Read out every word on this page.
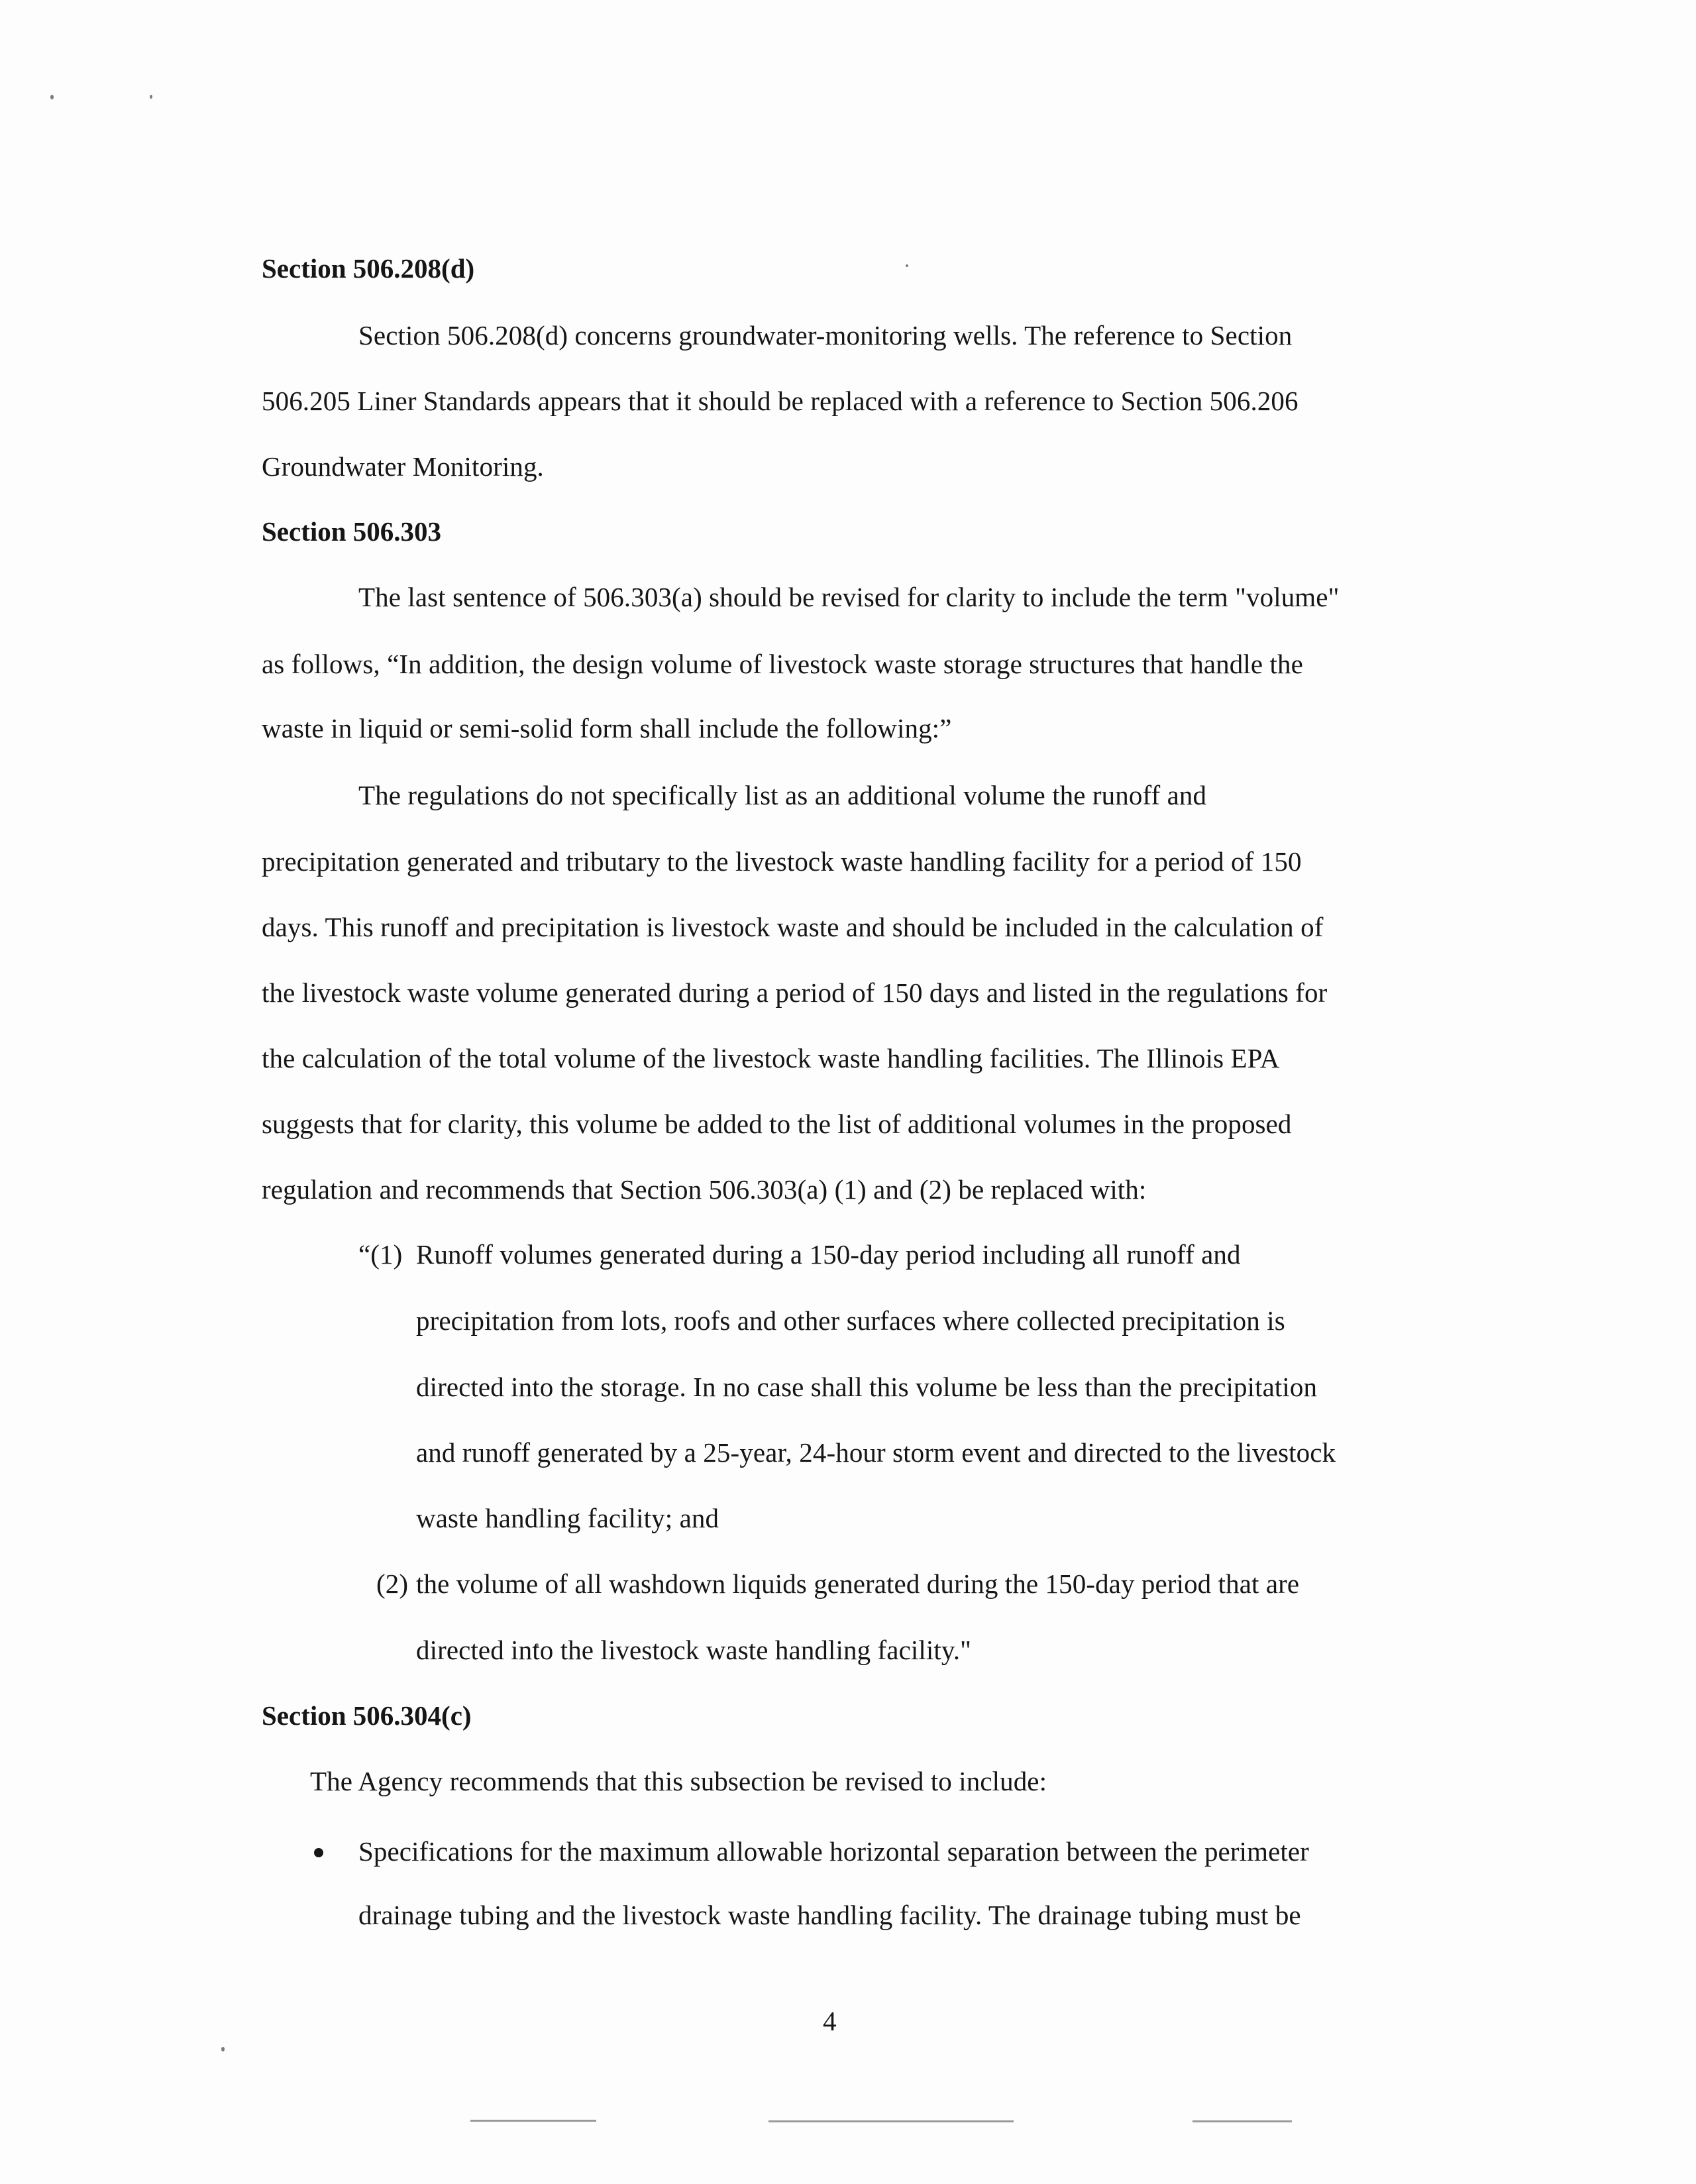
Section 506.208(d)
Section 506.208(d) concerns groundwater-monitoring wells. The reference to Section
506.205 Liner Standards appears that it should be replaced with a reference to Section 506.206
Groundwater Monitoring.
Section 506.303
The last sentence of 506.303(a) should be revised for clarity to include the term "volume"
as follows, “In addition, the design volume of livestock waste storage structures that handle the
waste in liquid or semi-solid form shall include the following:”
The regulations do not specifically list as an additional volume the runoff and
precipitation generated and tributary to the livestock waste handling facility for a period of 150
days. This runoff and precipitation is livestock waste and should be included in the calculation of
the livestock waste volume generated during a period of 150 days and listed in the regulations for
the calculation of the total volume of the livestock waste handling facilities. The Illinois EPA
suggests that for clarity, this volume be added to the list of additional volumes in the proposed
regulation and recommends that Section 506.303(a) (1) and (2) be replaced with:
“(1) Runoff volumes generated during a 150-day period including all runoff and
precipitation from lots, roofs and other surfaces where collected precipitation is
directed into the storage. In no case shall this volume be less than the precipitation
and runoff generated by a 25-year, 24-hour storm event and directed to the livestock
waste handling facility; and
(2) the volume of all washdown liquids generated during the 150-day period that are
directed into the livestock waste handling facility."
Section 506.304(c)
The Agency recommends that this subsection be revised to include:
Specifications for the maximum allowable horizontal separation between the perimeter
drainage tubing and the livestock waste handling facility. The drainage tubing must be
4
